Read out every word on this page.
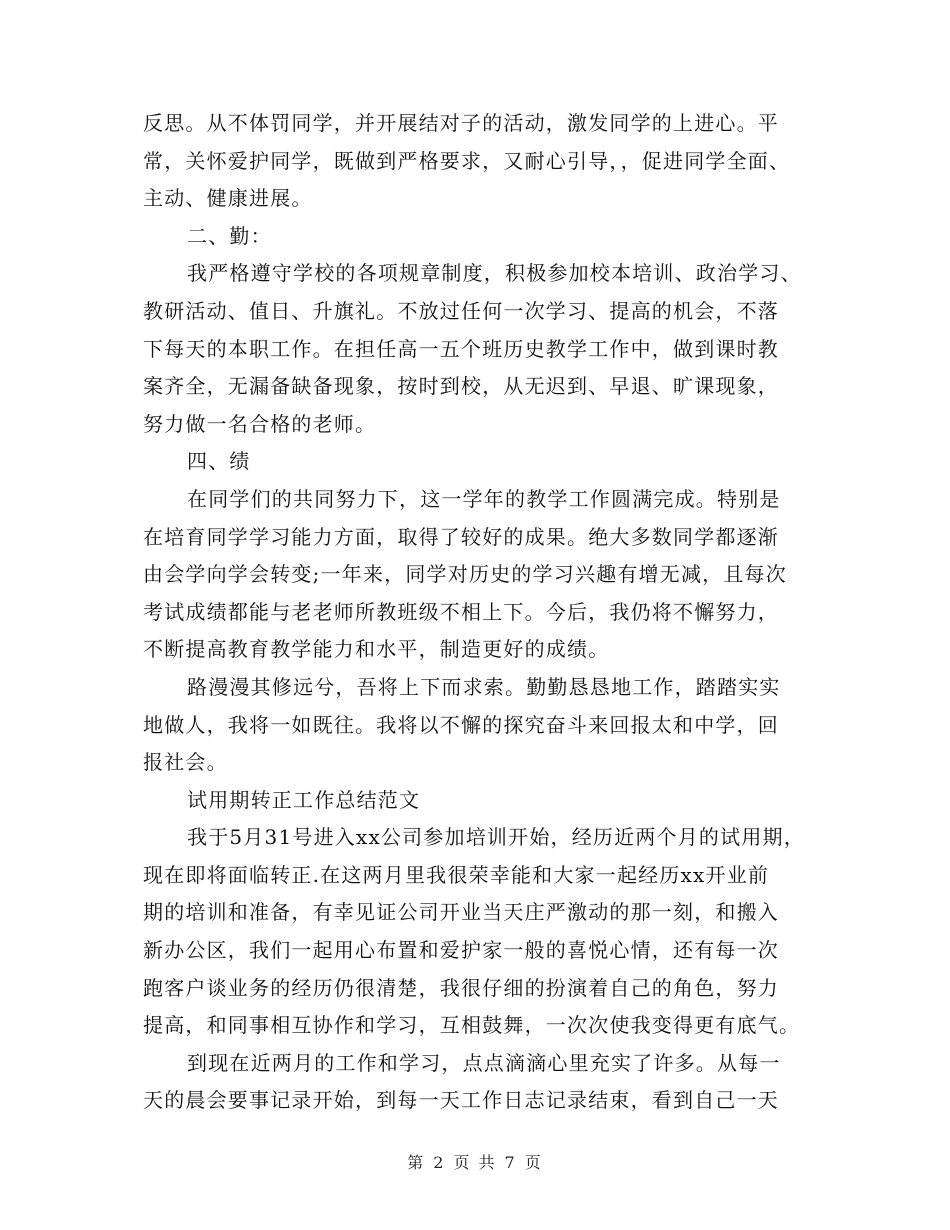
反思。从不体罚同学，并开展结对子的活动，激发同学的上进心。平
常，关怀爱护同学，既做到严格要求，又耐心引导，，促进同学全面、
主动、健康进展。
二、勤：
我严格遵守学校的各项规章制度，积极参加校本培训、政治学习、
教研活动、值日、升旗礼。不放过任何一次学习、提高的机会，不落
下每天的本职工作。在担任高一五个班历史教学工作中，做到课时教
案齐全，无漏备缺备现象，按时到校，从无迟到、早退、旷课现象，
努力做一名合格的老师。
四、绩
在同学们的共同努力下，这一学年的教学工作圆满完成。特别是
在培育同学学习能力方面，取得了较好的成果。绝大多数同学都逐渐
由会学向学会转变;一年来，同学对历史的学习兴趣有增无减，且每次
考试成绩都能与老老师所教班级不相上下。今后，我仍将不懈努力，
不断提高教育教学能力和水平，制造更好的成绩。
路漫漫其修远兮，吾将上下而求索。勤勤恳恳地工作，踏踏实实
地做人，我将一如既往。我将以不懈的探究奋斗来回报太和中学，回
报社会。
试用期转正工作总结范文
我于5月31号进入xx公司参加培训开始，经历近两个月的试用期，
现在即将面临转正.在这两月里我很荣幸能和大家一起经历xx开业前
期的培训和准备，有幸见证公司开业当天庄严激动的那一刻，和搬入
新办公区，我们一起用心布置和爱护家一般的喜悦心情，还有每一次
跑客户谈业务的经历仍很清楚，我很仔细的扮演着自己的角色，努力
提高，和同事相互协作和学习，互相鼓舞，一次次使我变得更有底气。
到现在近两月的工作和学习，点点滴滴心里充实了许多。从每一
天的晨会要事记录开始，到每一天工作日志记录结束，看到自己一天
第 2 页 共 7 页
